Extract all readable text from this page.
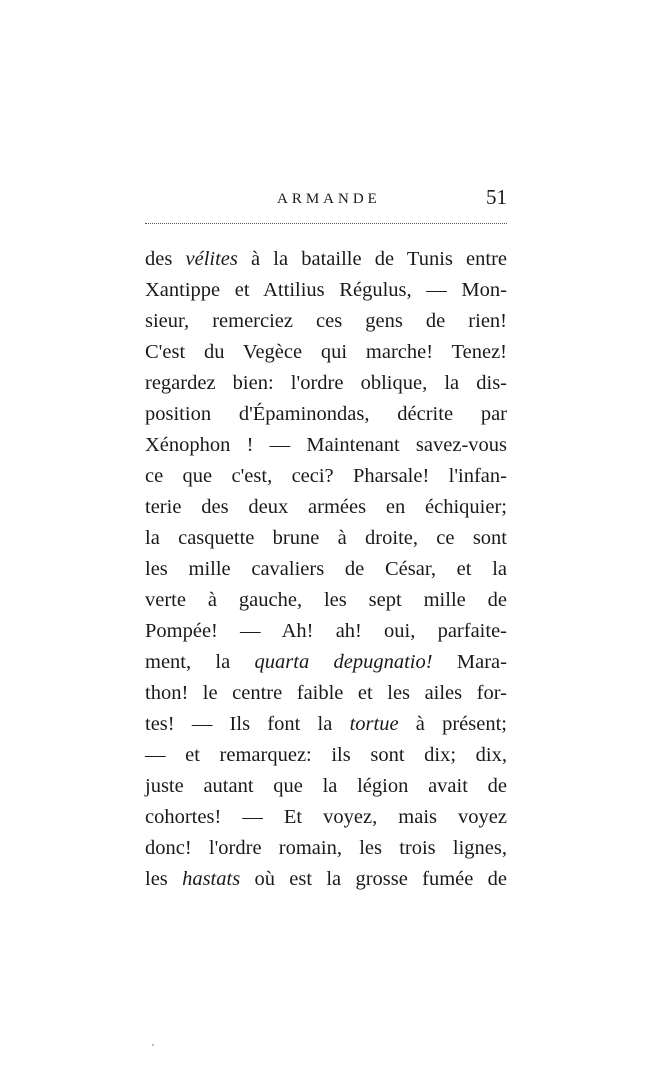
ARMANDE	51
des vélites à la bataille de Tunis entre
Xantippe et Attilius Régulus, — Mon-
sieur, remerciez ces gens de rien!
C'est du Vegèce qui marche! Tenez!
regardez bien: l'ordre oblique, la dis-
position d'Épaminondas, décrite par
Xénophon ! — Maintenant savez-vous
ce que c'est, ceci? Pharsale! l'infan-
terie des deux armées en échiquier;
la casquette brune à droite, ce sont
les mille cavaliers de César, et la
verte à gauche, les sept mille de
Pompée! — Ah! ah! oui, parfaite-
ment, la quarta depugnatio! Mara-
thon! le centre faible et les ailes for-
tes! — Ils font la tortue à présent;
— et remarquez: ils sont dix; dix,
juste autant que la légion avait de
cohortes! — Et voyez, mais voyez
donc! l'ordre romain, les trois lignes,
les hastats où est la grosse fumée de
